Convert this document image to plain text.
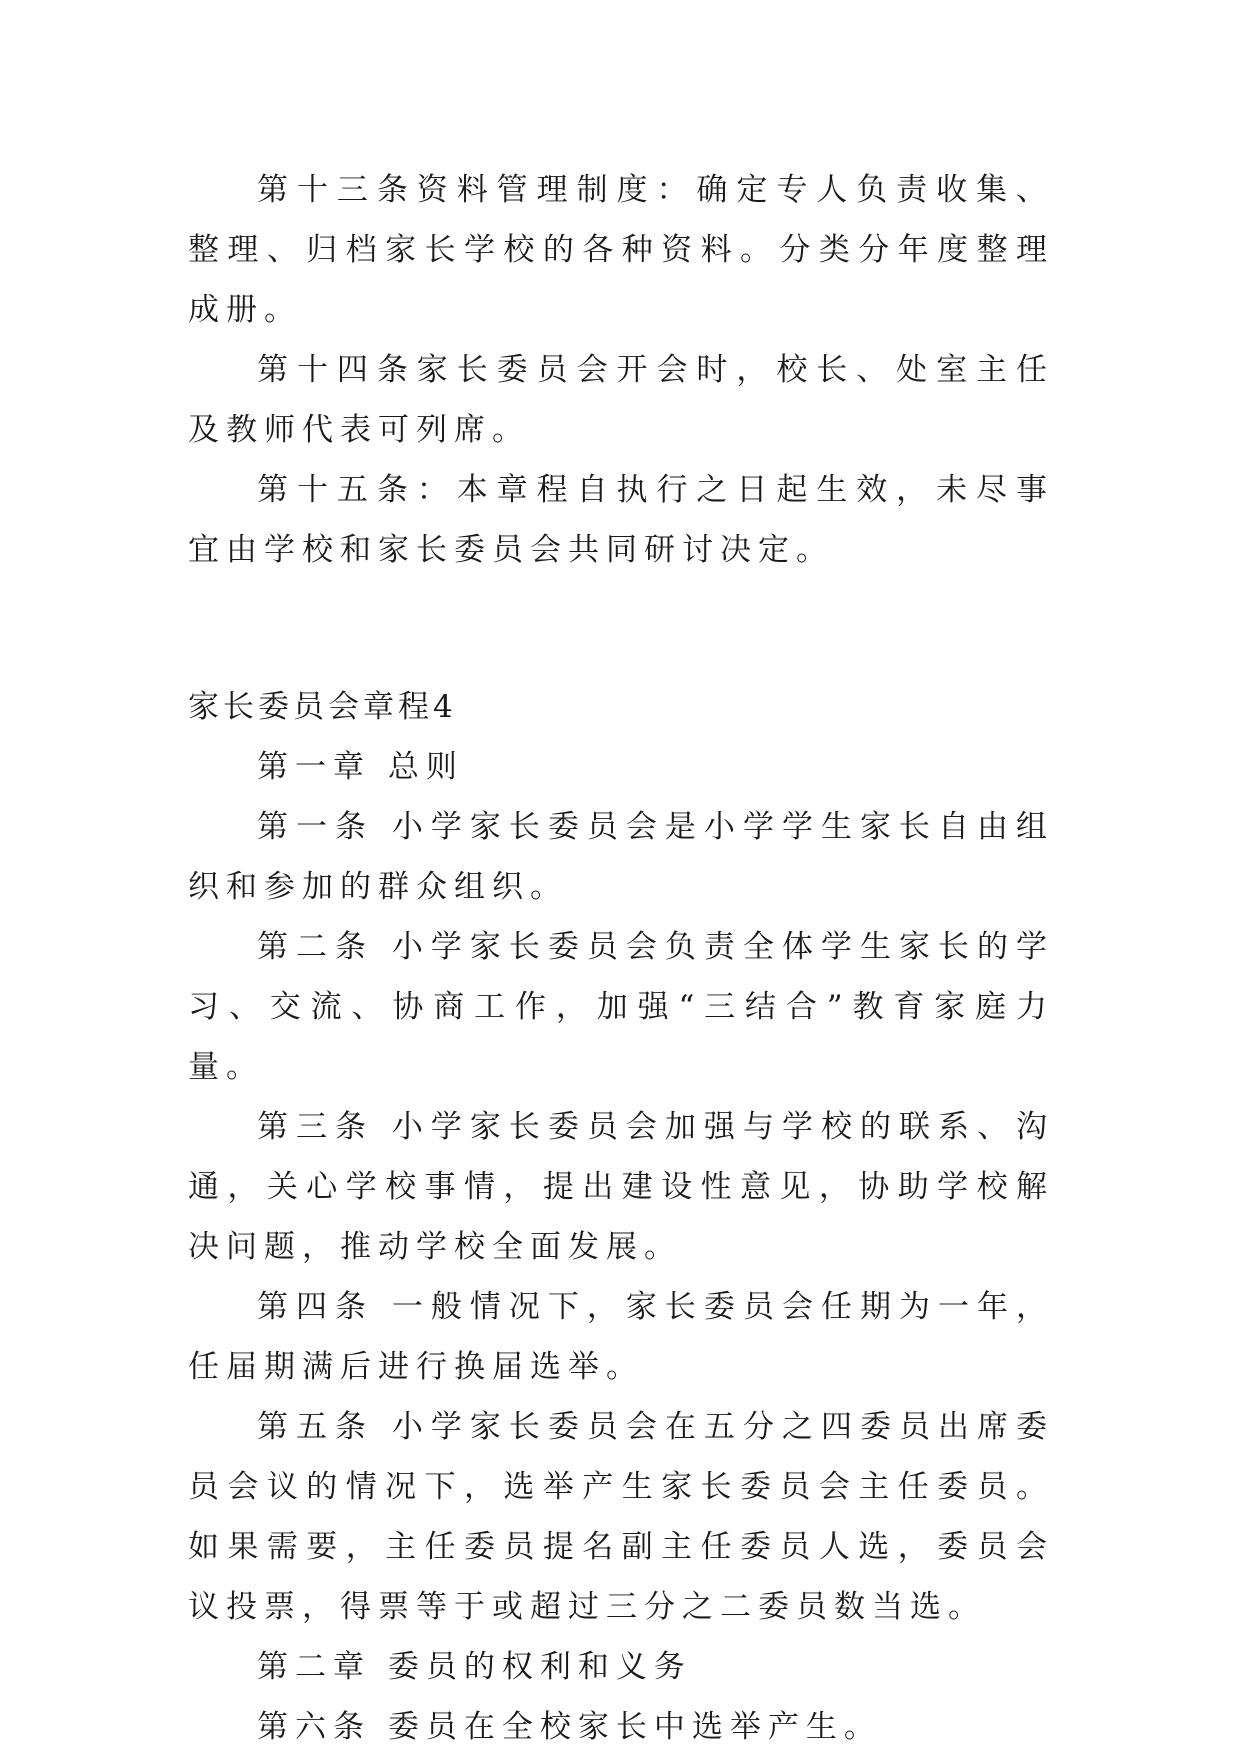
第十三条资料管理制度：确定专人负责收集、整理、归档家长学校的各种资料。分类分年度整理成册。

第十四条家长委员会开会时，校长、处室主任及教师代表可列席。

第十五条：本章程自执行之日起生效，未尽事宜由学校和家长委员会共同研讨决定。

家长委员会章程4

第一章 总则

第一条 小学家长委员会是小学学生家长自由组织和参加的群众组织。

第二条 小学家长委员会负责全体学生家长的学习、交流、协商工作，加强“三结合”教育家庭力量。

第三条 小学家长委员会加强与学校的联系、沟通，关心学校事情，提出建设性意见，协助学校解决问题，推动学校全面发展。

第四条 一般情况下，家长委员会任期为一年，任届期满后进行换届选举。

第五条 小学家长委员会在五分之四委员出席委员会议的情况下，选举产生家长委员会主任委员。如果需要，主任委员提名副主任委员人选，委员会议投票，得票等于或超过三分之二委员数当选。

第二章 委员的权利和义务

第六条 委员在全校家长中选举产生。
